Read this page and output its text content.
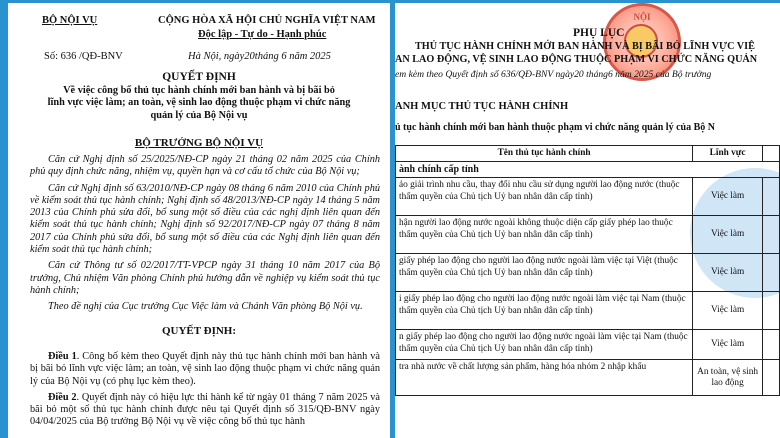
BỘ NỘI VỤ	CỘNG HÒA XÃ HỘI CHỦ NGHĨA VIỆT NAM
Độc lập - Tự do - Hạnh phúc
Số: 636 /QĐ-BNV	Hà Nội, ngày20tháng 6 năm 2025
QUYẾT ĐỊNH
Về việc công bố thủ tục hành chính mới ban hành và bị bãi bỏ
lĩnh vực việc làm; an toàn, vệ sinh lao động thuộc phạm vi chức năng
quản lý của Bộ Nội vụ
BỘ TRƯỞNG BỘ NỘI VỤ

Căn cứ Nghị định số 25/2025/NĐ-CP ngày 21 tháng 02 năm 2025 của Chính phủ quy định chức năng, nhiệm vụ, quyền hạn và cơ cấu tổ chức của Bộ Nội vụ;

Căn cứ Nghị định số 63/2010/NĐ-CP ngày 08 tháng 6 năm 2010 của Chính phủ về kiểm soát thủ tục hành chính; Nghị định số 48/2013/NĐ-CP ngày 14 tháng 5 năm 2013 của Chính phủ sửa đổi, bổ sung một số điều của các nghị định liên quan đến kiểm soát thủ tục hành chính; Nghị định số 92/2017/NĐ-CP ngày 07 tháng 8 năm 2017 của Chính phủ sửa đổi, bổ sung một số điều của các Nghị định liên quan đến kiểm soát thủ tục hành chính;

Căn cứ Thông tư số 02/2017/TT-VPCP ngày 31 tháng 10 năm 2017 của Bộ trưởng, Chủ nhiệm Văn phòng Chính phủ hướng dẫn về nghiệp vụ kiểm soát thủ tục hành chính;

Theo đề nghị của Cục trưởng Cục Việc làm và Chánh Văn phòng Bộ Nội vụ.

QUYẾT ĐỊNH:

Điều 1. Công bố kèm theo Quyết định này thủ tục hành chính mới ban hành và bị bãi bỏ lĩnh vực việc làm; an toàn, vệ sinh lao động thuộc phạm vi chức năng quản lý của Bộ Nội vụ (có phụ lục kèm theo).

Điều 2. Quyết định này có hiệu lực thi hành kể từ ngày 01 tháng 7 năm 2025 và bãi bỏ một số thủ tục hành chính được nêu tại Quyết định số 315/QĐ-BNV ngày 04/04/2025 của Bộ trưởng Bộ Nội vụ về việc công bố thủ tục hành

NỘI
PHỤ LỤC
THỦ TỤC HÀNH CHÍNH MỚI BAN HÀNH VÀ BỊ BÃI BỎ LĨNH VỰC VIỆ
AN LAO ĐỘNG, VỆ SINH LAO ĐỘNG THUỘC PHẠM VI CHỨC NĂNG QUẢN
em kèm theo Quyết định số 636/QĐ-BNV ngày20 tháng6 năm 2025 của Bộ trưởng
ANH MỤC THỦ TỤC HÀNH CHÍNH
ủ tục hành chính mới ban hành thuộc phạm vi chức năng quản lý của Bộ N
Tên thủ tục hành chính	Lĩnh vực	
ành chính cấp tỉnh		
ảo giải trình nhu cầu, thay đổi nhu cầu sử dụng người lao động nước (thuộc thẩm quyền của Chủ tịch Uỷ ban nhân dân cấp tỉnh)	Việc làm	
hận người lao động nước ngoài không thuộc diện cấp giấy phép lao thuộc thẩm quyền của Chủ tịch Uỷ ban nhân dân cấp tỉnh)	Việc làm	
giấy phép lao động cho người lao động nước ngoài làm việc tại Việt (thuộc thẩm quyền của Chủ tịch Uỷ ban nhân dân cấp tỉnh)	Việc làm	
i giấy phép lao động cho người lao động nước ngoài làm việc tại Nam (thuộc thẩm quyền của Chủ tịch Uỷ ban nhân dân cấp tỉnh)	Việc làm	
n giấy phép lao động cho người lao động nước ngoài làm việc tại Nam (thuộc thẩm quyền của Chủ tịch Uỷ ban nhân dân cấp tỉnh)	Việc làm	
tra nhà nước về chất lượng sản phẩm, hàng hóa nhóm 2 nhập khẩu	An toàn, vệ sinh lao động	
